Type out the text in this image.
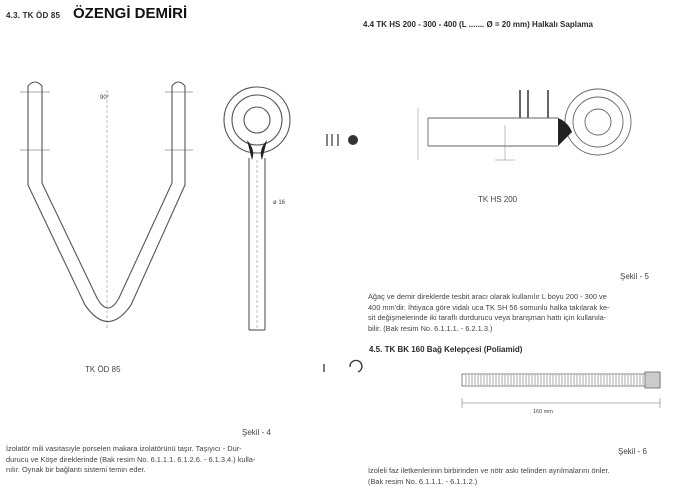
4.3. TK ÖD 85 ÖZENGİ DEMİRİ
90°
ø 16
TK ÖD 85
Şekil - 4
İzolatör mili vasıtasıyle porselen makara izolatörünü taşır. Taşıyıcı - Dur-
durucu ve Köşe direklerinde (Bak resim No. 6.1.1.1. 6.1.2.6. - 6.1.3.4.) kulla-
nılır. Oynak bir bağlantı sistemi temin eder.
4.4 TK HS 200 - 300 - 400 (L ....... Ø = 20 mm) Halkalı Saplama
TK HS 200
Şekil - 5
Ağaç ve demir direklerde tesbit aracı olarak kullanılır L boyu 200 - 300 ve
400 mm'dir. İhtiyaca göre vidalı uca TK SH 56 somunlu halka takılarak ke-
sit değişmelerinde iki taraflı durdurucu veya branşman hattı için kullanıla-
bilir. (Bak resim No. 6.1.1.1. - 6.2.1.3.)
4.5. TK BK 160 Bağ Kelepçesi (Poliamid)
160 mm
Şekil - 6
İzoleli faz iletkenlerinin birbirinden ve nötr askı telinden ayrılmalarını önler.
(Bak resim No. 6.1.1.1. - 6.1.1.2.)
